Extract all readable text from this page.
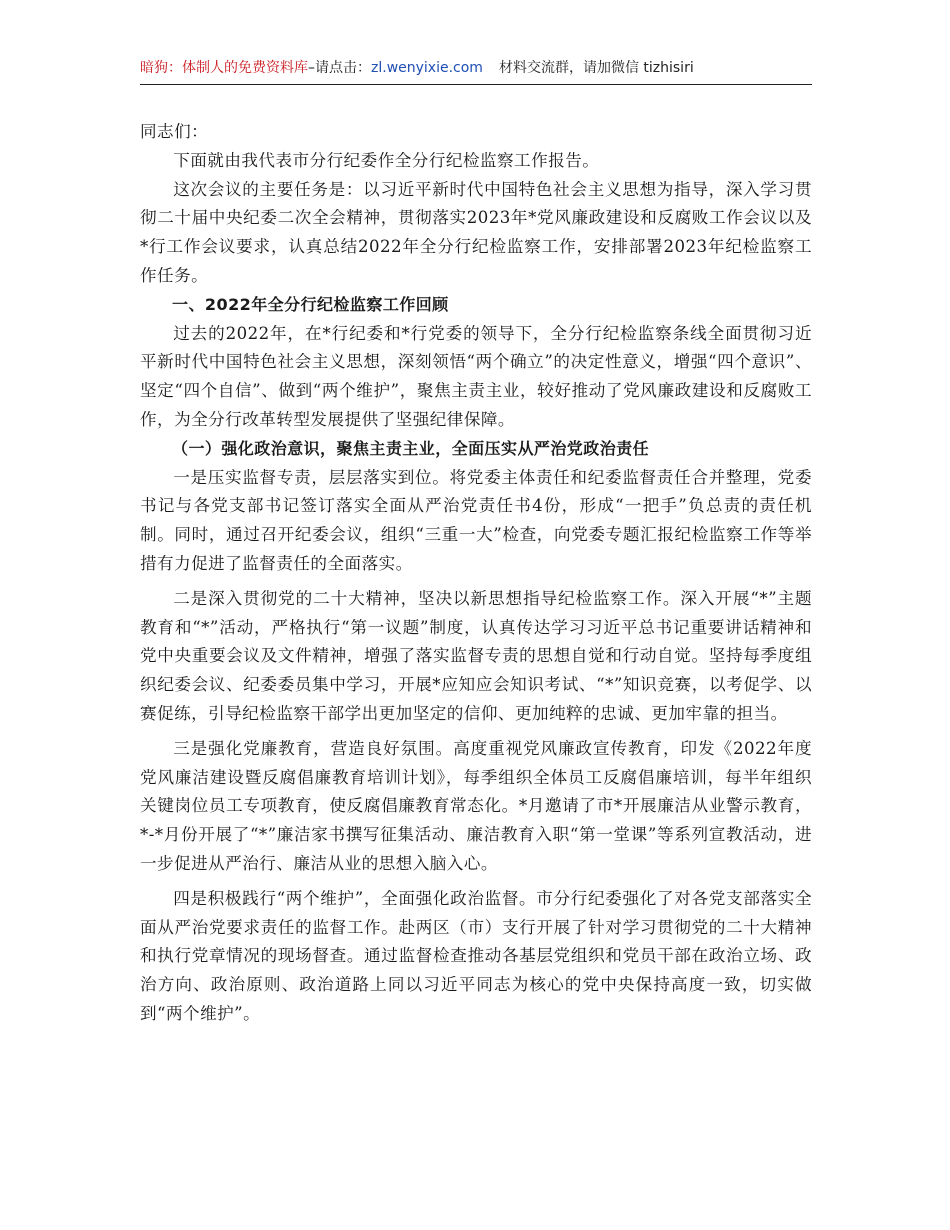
暗狗：体制人的免费资料库–请点击：zl.wenyixie.com 材料交流群，请加微信 tizhisiri

同志们：

下面就由我代表市分行纪委作全分行纪检监察工作报告。

这次会议的主要任务是：以习近平新时代中国特色社会主义思想为指导，深入学习贯彻二十届中央纪委二次全会精神，贯彻落实2023年*党风廉政建设和反腐败工作会议以及*行工作会议要求，认真总结2022年全分行纪检监察工作，安排部署2023年纪检监察工作任务。

一、2022年全分行纪检监察工作回顾

过去的2022年，在*行纪委和*行党委的领导下，全分行纪检监察条线全面贯彻习近平新时代中国特色社会主义思想，深刻领悟“两个确立”的决定性意义，增强“四个意识”、坚定“四个自信”、做到“两个维护”，聚焦主责主业，较好推动了党风廉政建设和反腐败工作，为全分行改革转型发展提供了坚强纪律保障。

（一）强化政治意识，聚焦主责主业，全面压实从严治党政治责任

一是压实监督专责，层层落实到位。将党委主体责任和纪委监督责任合并整理，党委书记与各党支部书记签订落实全面从严治党责任书4份，形成“一把手”负总责的责任机制。同时，通过召开纪委会议，组织“三重一大”检查，向党委专题汇报纪检监察工作等举措有力促进了监督责任的全面落实。

二是深入贯彻党的二十大精神，坚决以新思想指导纪检监察工作。深入开展“*”主题教育和“*”活动，严格执行“第一议题”制度，认真传达学习习近平总书记重要讲话精神和党中央重要会议及文件精神，增强了落实监督专责的思想自觉和行动自觉。坚持每季度组织纪委会议、纪委委员集中学习，开展*应知应会知识考试、“*”知识竞赛，以考促学、以赛促练，引导纪检监察干部学出更加坚定的信仰、更加纯粹的忠诚、更加牢靠的担当。

三是强化党廉教育，营造良好氛围。高度重视党风廉政宣传教育，印发《2022年度党风廉洁建设暨反腐倡廉教育培训计划》，每季组织全体员工反腐倡廉培训，每半年组织关键岗位员工专项教育，使反腐倡廉教育常态化。*月邀请了市*开展廉洁从业警示教育，*-*月份开展了“*”廉洁家书撰写征集活动、廉洁教育入职“第一堂课”等系列宣教活动，进一步促进从严治行、廉洁从业的思想入脑入心。

四是积极践行“两个维护”，全面强化政治监督。市分行纪委强化了对各党支部落实全面从严治党要求责任的监督工作。赴两区（市）支行开展了针对学习贯彻党的二十大精神和执行党章情况的现场督查。通过监督检查推动各基层党组织和党员干部在政治立场、政治方向、政治原则、政治道路上同以习近平同志为核心的党中央保持高度一致，切实做到“两个维护”。
